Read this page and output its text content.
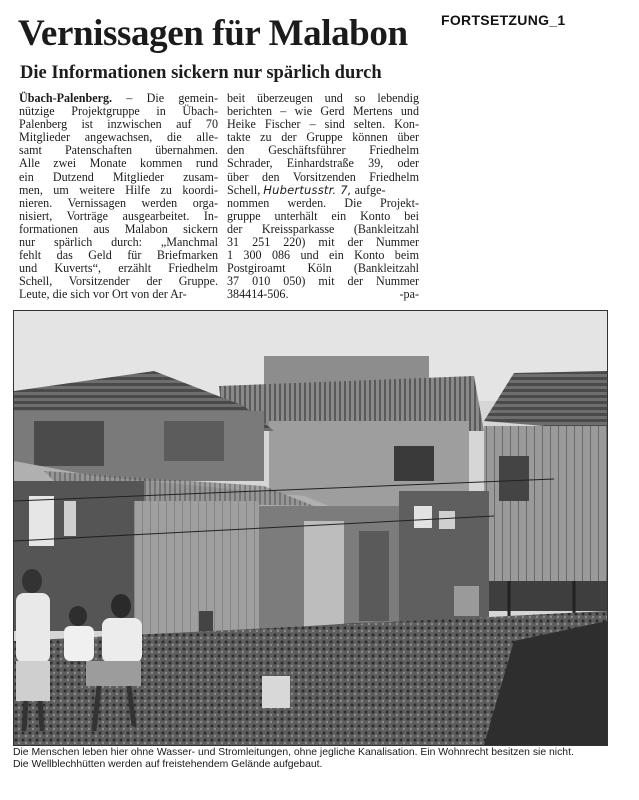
FORTSETZUNG_1
Vernissagen für Malabon
Die Informationen sickern nur spärlich durch
Übach-Palenberg. – Die gemein-
nützige Projektgruppe in Übach-
Palenberg ist inzwischen auf 70
Mitglieder angewachsen, die alle-
samt Patenschaften übernahmen.
Alle zwei Monate kommen rund
ein Dutzend Mitglieder zusam-
men, um weitere Hilfe zu koordi-
nieren. Vernissagen werden orga-
nisiert, Vorträge ausgearbeitet. In-
formationen aus Malabon sickern
nur spärlich durch: „Manchmal
fehlt das Geld für Briefmarken
und Kuverts“, erzählt Friedhelm
Schell, Vorsitzender der Gruppe.
Leute, die sich vor Ort von der Ar-
beit überzeugen und so lebendig
berichten – wie Gerd Mertens und
Heike Fischer – sind selten. Kon-
takte zu der Gruppe können über
den Geschäftsführer Friedhelm
Schrader, Einhardstraße 39, oder
über den Vorsitzenden Friedhelm
Schell, Hubertusstr. 7, aufge-
nommen werden. Die Projekt-
gruppe unterhält ein Konto bei
der Kreissparkasse (Bankleitzahl
31 251 220) mit der Nummer
1 300 086 und ein Konto beim
Postgiroamt Köln (Bankleitzahl
37 010 050) mit der Nummer
384414-506.	-pa-
Die Menschen leben hier ohne Wasser- und Stromleitungen, ohne jegliche Kanalisation. Ein Wohnrecht besitzen sie nicht.
Die Wellblechhütten werden auf freistehendem Gelände aufgebaut.
